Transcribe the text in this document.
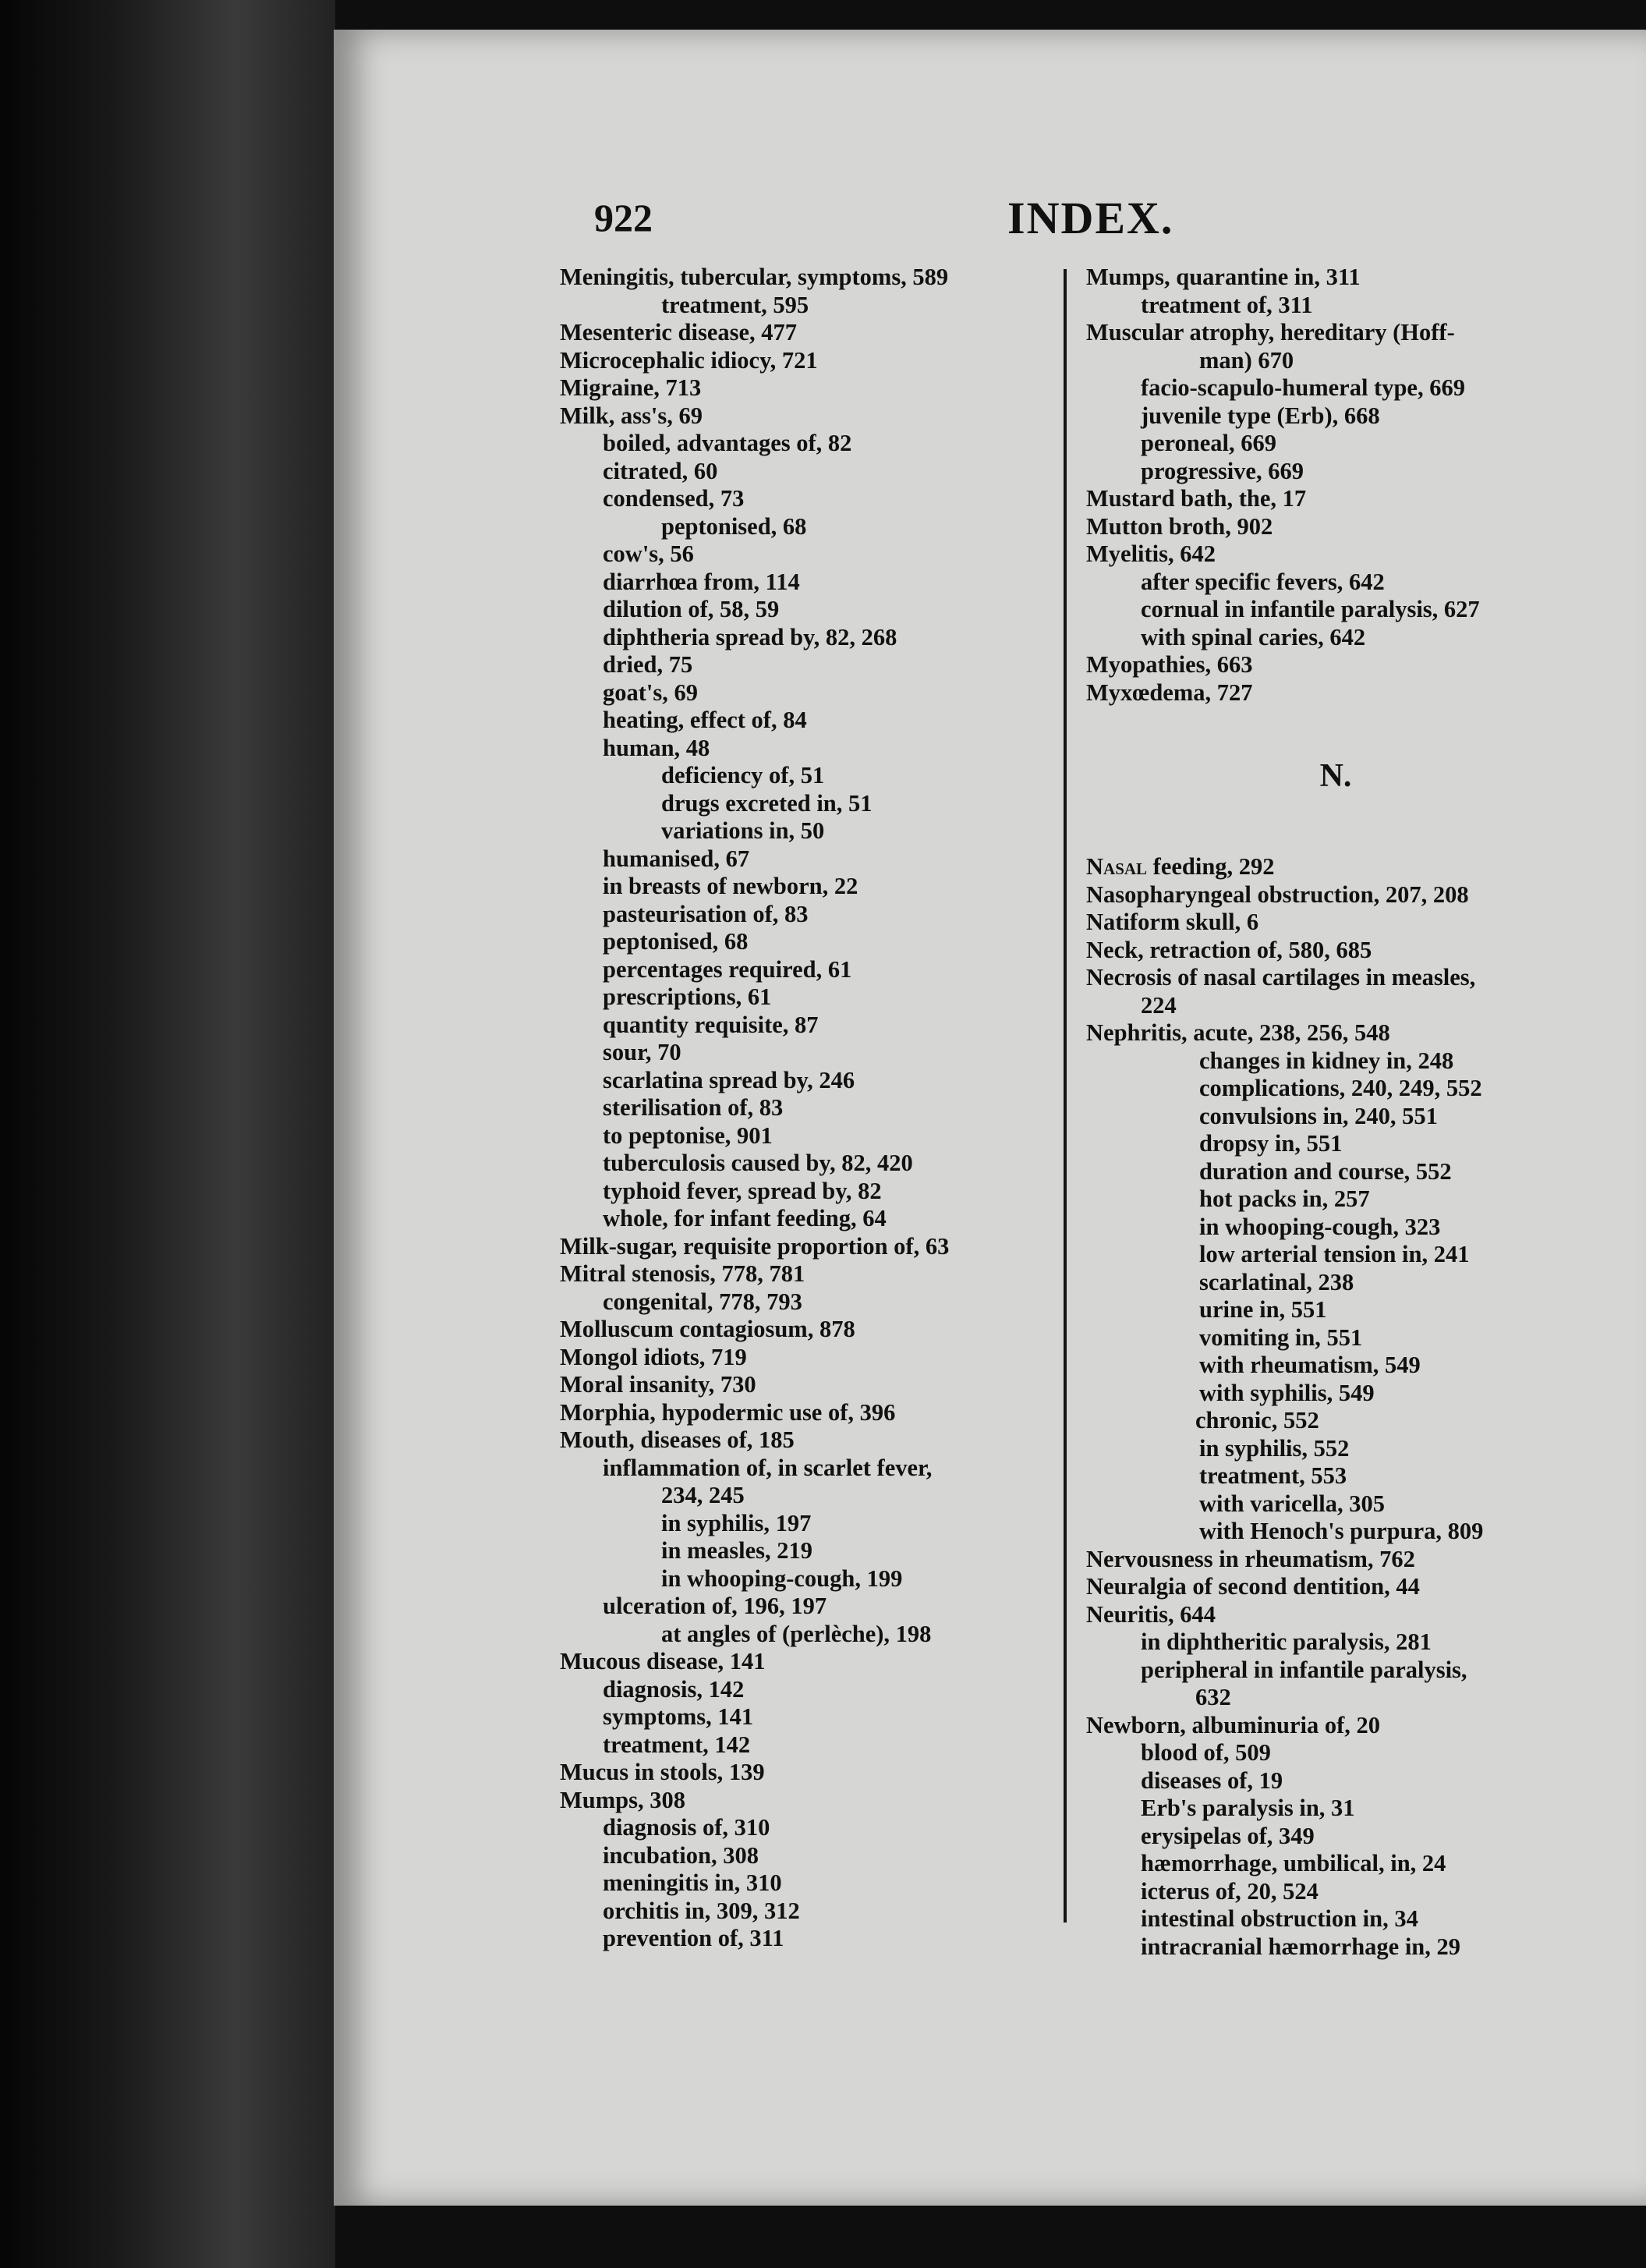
922	INDEX.
Meningitis, tubercular, symptoms, 589
treatment, 595
Mesenteric disease, 477
Microcephalic idiocy, 721
Migraine, 713
Milk, ass's, 69
boiled, advantages of, 82
citrated, 60
condensed, 73
peptonised, 68
cow's, 56
diarrhœa from, 114
dilution of, 58, 59
diphtheria spread by, 82, 268
dried, 75
goat's, 69
heating, effect of, 84
human, 48
deficiency of, 51
drugs excreted in, 51
variations in, 50
humanised, 67
in breasts of newborn, 22
pasteurisation of, 83
peptonised, 68
percentages required, 61
prescriptions, 61
quantity requisite, 87
sour, 70
scarlatina spread by, 246
sterilisation of, 83
to peptonise, 901
tuberculosis caused by, 82, 420
typhoid fever, spread by, 82
whole, for infant feeding, 64
Milk-sugar, requisite proportion of, 63
Mitral stenosis, 778, 781
congenital, 778, 793
Molluscum contagiosum, 878
Mongol idiots, 719
Moral insanity, 730
Morphia, hypodermic use of, 396
Mouth, diseases of, 185
inflammation of, in scarlet fever,
234, 245
in syphilis, 197
in measles, 219
in whooping-cough, 199
ulceration of, 196, 197
at angles of (perlèche), 198
Mucous disease, 141
diagnosis, 142
symptoms, 141
treatment, 142
Mucus in stools, 139
Mumps, 308
diagnosis of, 310
incubation, 308
meningitis in, 310
orchitis in, 309, 312
prevention of, 311
Mumps, quarantine in, 311
treatment of, 311
Muscular atrophy, hereditary (Hoff-
man) 670
facio-scapulo-humeral type, 669
juvenile type (Erb), 668
peroneal, 669
progressive, 669
Mustard bath, the, 17
Mutton broth, 902
Myelitis, 642
after specific fevers, 642
cornual in infantile paralysis, 627
with spinal caries, 642
Myopathies, 663
Myxœdema, 727
N.
Nasal feeding, 292
Nasopharyngeal obstruction, 207, 208
Natiform skull, 6
Neck, retraction of, 580, 685
Necrosis of nasal cartilages in measles,
224
Nephritis, acute, 238, 256, 548
changes in kidney in, 248
complications, 240, 249, 552
convulsions in, 240, 551
dropsy in, 551
duration and course, 552
hot packs in, 257
in whooping-cough, 323
low arterial tension in, 241
scarlatinal, 238
urine in, 551
vomiting in, 551
with rheumatism, 549
with syphilis, 549
chronic, 552
in syphilis, 552
treatment, 553
with varicella, 305
with Henoch's purpura, 809
Nervousness in rheumatism, 762
Neuralgia of second dentition, 44
Neuritis, 644
in diphtheritic paralysis, 281
peripheral in infantile paralysis,
632
Newborn, albuminuria of, 20
blood of, 509
diseases of, 19
Erb's paralysis in, 31
erysipelas of, 349
hæmorrhage, umbilical, in, 24
icterus of, 20, 524
intestinal obstruction in, 34
intracranial hæmorrhage in, 29
